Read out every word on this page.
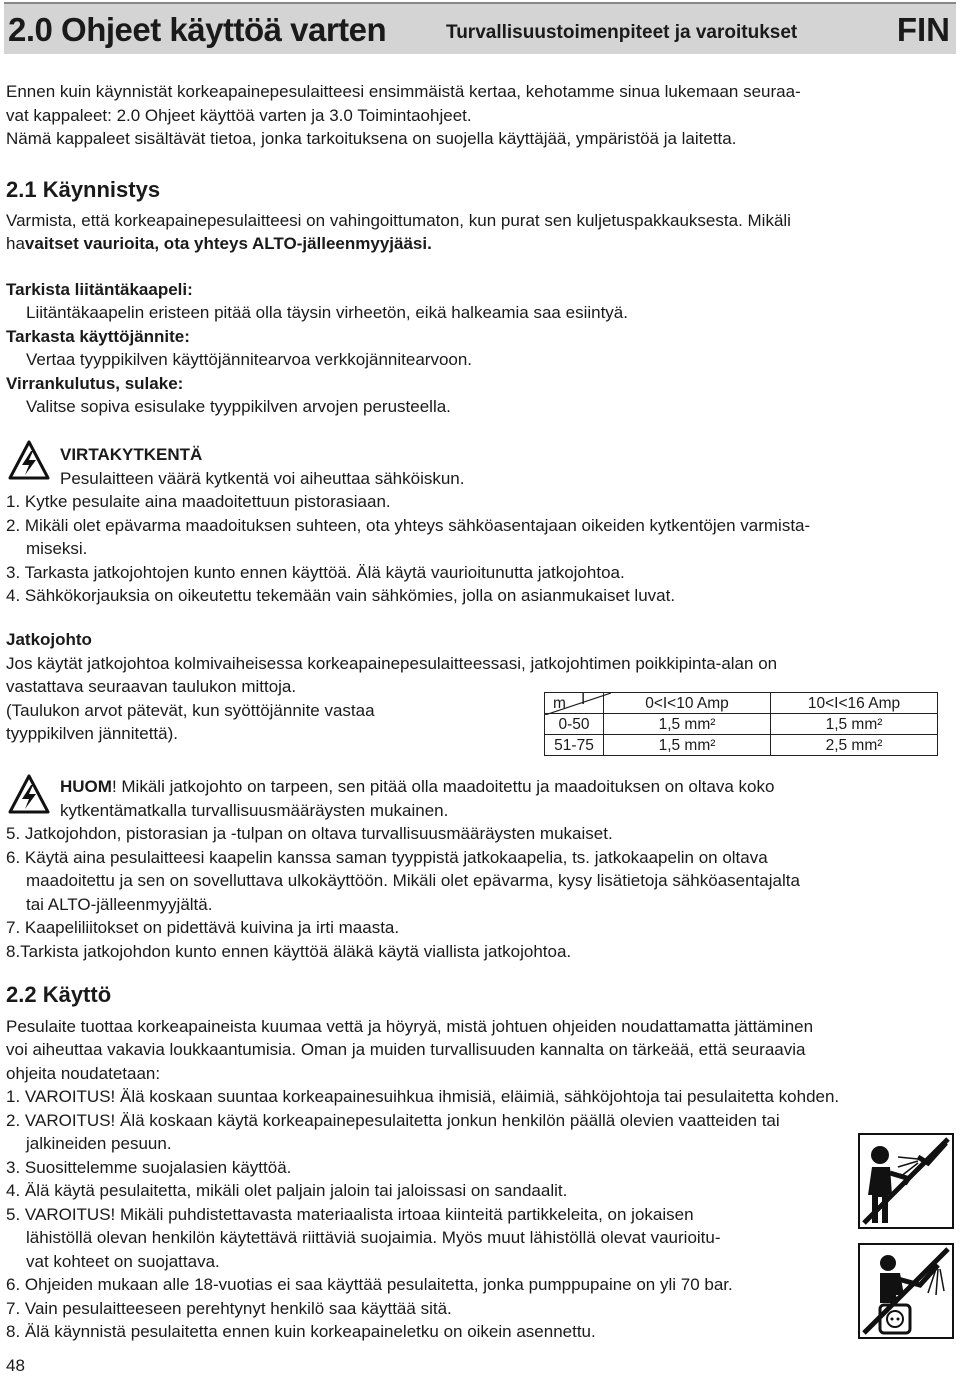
2.0 Ohjeet käyttöä varten	Turvallisuustoimenpiteet ja varoitukset	FIN
Ennen kuin käynnistät korkeapainepesulaitteesi ensimmäistä kertaa, kehotamme sinua lukemaan seuraa-
vat kappaleet: 2.0 Ohjeet käyttöä varten ja 3.0 Toimintaohjeet.
Nämä kappaleet sisältävät tietoa, jonka tarkoituksena on suojella käyttäjää, ympäristöä ja laitetta.
2.1 Käynnistys
Varmista, että korkeapainepesulaitteesi on vahingoittumaton, kun purat sen kuljetuspakkauksesta. Mikäli
havaitset vaurioita, ota yhteys ALTO-jälleenmyyjääsi.
Tarkista liitäntäkaapeli:
Liitäntäkaapelin eristeen pitää olla täysin virheetön, eikä halkeamia saa esiintyä.
Tarkasta käyttöjännite:
Vertaa tyyppikilven käyttöjännitearvoa verkkojännitearvoon.
Virrankulutus, sulake:
Valitse sopiva esisulake tyyppikilven arvojen perusteella.
VIRTAKYTKENTÄ
Pesulaitteen väärä kytkentä voi aiheuttaa sähköiskun.
1. Kytke pesulaite aina maadoitettuun pistorasiaan.
2. Mikäli olet epävarma maadoituksen suhteen, ota yhteys sähköasentajaan oikeiden kytkentöjen varmista-
miseksi.
3. Tarkasta jatkojohtojen kunto ennen käyttöä. Älä käytä vaurioitunutta jatkojohtoa.
4. Sähkökorjauksia on oikeutettu tekemään vain sähkömies, jolla on asianmukaiset luvat.
Jatkojohto
Jos käytät jatkojohtoa kolmivaiheisessa korkeapainepesulaitteessasi, jatkojohtimen poikkipinta-alan on
vastattava seuraavan taulukon mittoja.
(Taulukon arvot pätevät, kun syöttöjännite vastaa
tyyppikilven jännitettä).
m I	0<I<10 Amp	10<I<16 Amp
0-50	1,5 mm²	1,5 mm²
51-75	1,5 mm²	2,5 mm²
HUOM! Mikäli jatkojohto on tarpeen, sen pitää olla maadoitettu ja maadoituksen on oltava koko
kytkentämatkalla turvallisuusmääräysten mukainen.
5. Jatkojohdon, pistorasian ja -tulpan on oltava turvallisuusmääräysten mukaiset.
6. Käytä aina pesulaitteesi kaapelin kanssa saman tyyppistä jatkokaapelia, ts. jatkokaapelin on oltava
maadoitettu ja sen on sovelluttava ulkokäyttöön. Mikäli olet epävarma, kysy lisätietoja sähköasentajalta
tai ALTO-jälleenmyyjältä.
7. Kaapeliliitokset on pidettävä kuivina ja irti maasta.
8.Tarkista jatkojohdon kunto ennen käyttöä äläkä käytä viallista jatkojohtoa.
2.2 Käyttö
Pesulaite tuottaa korkeapaineista kuumaa vettä ja höyryä, mistä johtuen ohjeiden noudattamatta jättäminen
voi aiheuttaa vakavia loukkaantumisia. Oman ja muiden turvallisuuden kannalta on tärkeää, että seuraavia
ohjeita noudatetaan:
1. VAROITUS! Älä koskaan suuntaa korkeapainesuihkua ihmisiä, eläimiä, sähköjohtoja tai pesulaitetta kohden.
2. VAROITUS! Älä koskaan käytä korkeapainepesulaitetta jonkun henkilön päällä olevien vaatteiden tai
jalkineiden pesuun.
3. Suosittelemme suojalasien käyttöä.
4. Älä käytä pesulaitetta, mikäli olet paljain jaloin tai jaloissasi on sandaalit.
5. VAROITUS! Mikäli puhdistettavasta materiaalista irtoaa kiinteitä partikkeleita, on jokaisen
lähistöllä olevan henkilön käytettävä riittäviä suojaimia. Myös muut lähistöllä olevat vaurioitu-
vat kohteet on suojattava.
6. Ohjeiden mukaan alle 18-vuotias ei saa käyttää pesulaitetta, jonka pumppupaine on yli 70 bar.
7. Vain pesulaitteeseen perehtynyt henkilö saa käyttää sitä.
8. Älä käynnistä pesulaitetta ennen kuin korkeapaineletku on oikein asennettu.
48
